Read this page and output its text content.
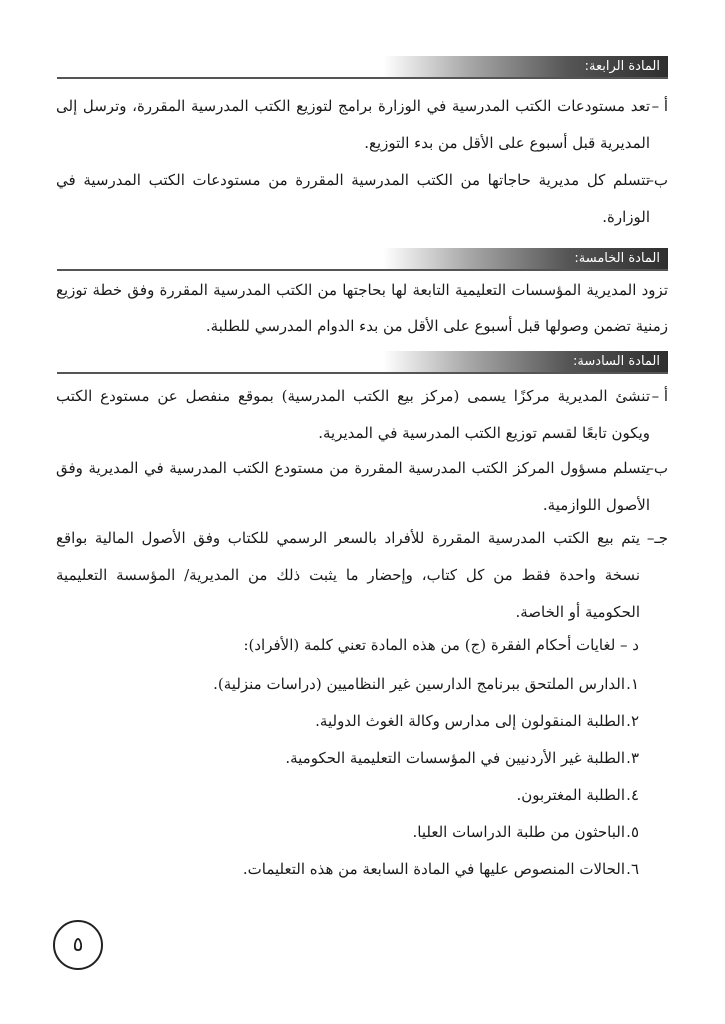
المادة الرابعة:
أ –
تعد مستودعات الكتب المدرسية في الوزارة برامج لتوزيع الكتب المدرسية المقررة، وترسل إلى المديرية قبل أسبوع على الأقل من بدء التوزيع.
ب–
تتسلم كل مديرية حاجاتها من الكتب المدرسية المقررة من مستودعات الكتب المدرسية في الوزارة.
المادة الخامسة:

تزود المديرية المؤسسات التعليمية التابعة لها بحاجتها من الكتب المدرسية المقررة وفق خطة توزيع زمنية تضمن وصولها قبل أسبوع على الأقل من بدء الدوام المدرسي للطلبة.

المادة السادسة:
أ –
تنشئ المديرية مركزًا يسمى (مركز بيع الكتب المدرسية) بموقع منفصل عن مستودع الكتب ويكون تابعًا لقسم توزيع الكتب المدرسية في المديرية.
ب–
يتسلم مسؤول المركز الكتب المدرسية المقررة من مستودع الكتب المدرسية في المديرية وفق الأصول اللوازمية.
جـ–
يتم بيع الكتب المدرسية المقررة للأفراد بالسعر الرسمي للكتاب وفق الأصول المالية بواقع نسخة واحدة فقط من كل كتاب، وإحضار ما يثبت ذلك من المديرية/ المؤسسة التعليمية الحكومية أو الخاصة.

د – لغايات أحكام الفقرة (ج) من هذه المادة تعني كلمة (الأفراد):

١.الدارس الملتحق ببرنامج الدارسين غير النظاميين (دراسات منزلية).
٢.الطلبة المنقولون إلى مدارس وكالة الغوث الدولية.
٣.الطلبة غير الأردنيين في المؤسسات التعليمية الحكومية.
٤.الطلبة المغتربون.
٥.الباحثون من طلبة الدراسات العليا.
٦.الحالات المنصوص عليها في المادة السابعة من هذه التعليمات.
٥
